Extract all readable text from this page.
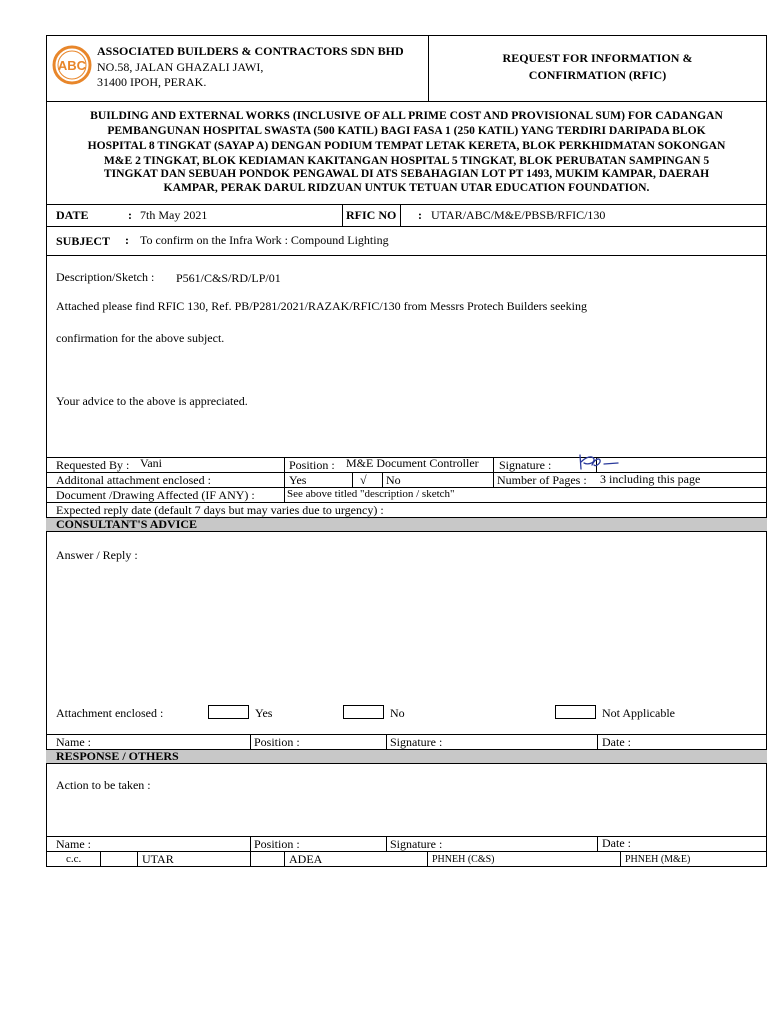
ABC
ASSOCIATED BUILDERS & CONTRACTORS SDN BHD
NO.58, JALAN GHAZALI JAWI,
31400 IPOH, PERAK.
REQUEST FOR INFORMATION &
CONFIRMATION (RFIC)
BUILDING AND EXTERNAL WORKS (INCLUSIVE OF ALL PRIME COST AND PROVISIONAL SUM) FOR CADANGAN
PEMBANGUNAN HOSPITAL SWASTA (500 KATIL) BAGI FASA 1 (250 KATIL) YANG TERDIRI DARIPADA BLOK
HOSPITAL 8 TINGKAT (SAYAP A) DENGAN PODIUM TEMPAT LETAK KERETA, BLOK PERKHIDMATAN SOKONGAN
M&E 2 TINGKAT, BLOK KEDIAMAN KAKITANGAN HOSPITAL 5 TINGKAT, BLOK PERUBATAN SAMPINGAN 5
TINGKAT DAN SEBUAH PONDOK PENGAWAL DI ATS SEBAHAGIAN LOT PT 1493, MUKIM KAMPAR, DAERAH
KAMPAR, PERAK DARUL RIDZUAN UNTUK TETUAN UTAR EDUCATION FOUNDATION.
DATE	: 7th May 2021	RFIC NO : UTAR/ABC/M&E/PBSB/RFIC/130
SUBJECT : To confirm on the Infra Work : Compound Lighting
Description/Sketch : P561/C&S/RD/LP/01
Attached please find RFIC 130, Ref. PB/P281/2021/RAZAK/RFIC/130 from Messrs Protech Builders seeking
confirmation for the above subject.
Your advice to the above is appreciated.
Requested By : Vani	Position : M&E Document Controller Signature :
Additonal attachment enclosed :	Yes	√ No	Number of Pages : 3 including this page
Document /Drawing Affected (IF ANY) :	See above titled "description / sketch"
Expected reply date (default 7 days but may varies due to urgency) :
CONSULTANT'S ADVICE
Answer / Reply :
Attachment enclosed :	Yes	No	Not Applicable
Name :	Position :	Signature :	Date :
RESPONSE / OTHERS
Action to be taken :
Name :	Position :	Signature :	Date :
c.c.	UTAR	ADEA	PHNEH (C&S)	PHNEH (M&E)
